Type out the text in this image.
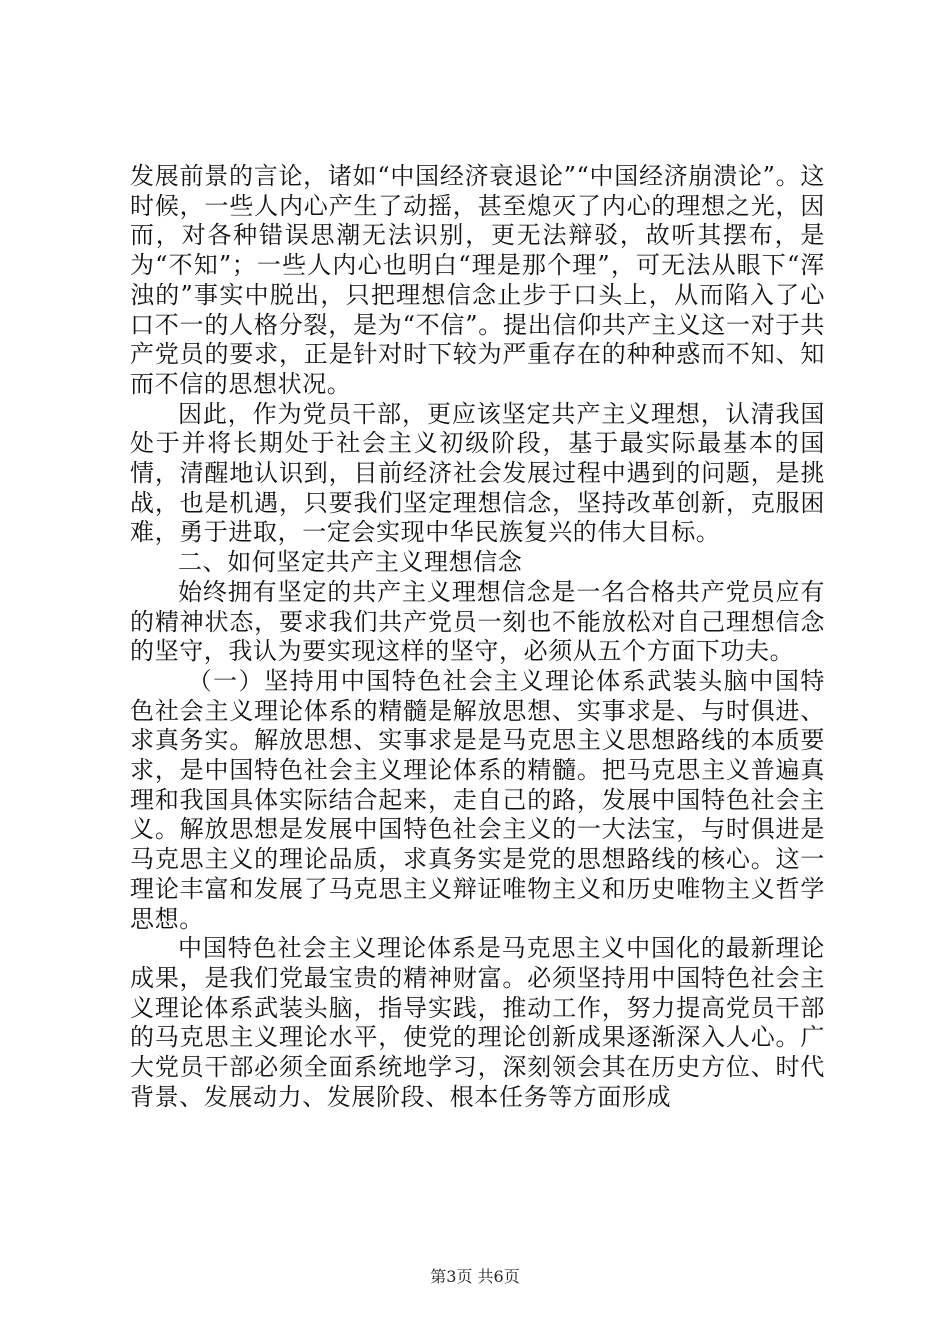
发展前景的言论，诸如“中国经济衰退论”“中国经济崩溃论”。这时候，一些人内心产生了动摇，甚至熄灭了内心的理想之光，因而，对各种错误思潮无法识别，更无法辩驳，故听其摆布，是为“不知”；一些人内心也明白“理是那个理”，可无法从眼下“浑浊的”事实中脱出，只把理想信念止步于口头上，从而陷入了心口不一的人格分裂，是为“不信”。提出信仰共产主义这一对于共产党员的要求，正是针对时下较为严重存在的种种惑而不知、知而不信的思想状况。

因此，作为党员干部，更应该坚定共产主义理想，认清我国处于并将长期处于社会主义初级阶段，基于最实际最基本的国情，清醒地认识到，目前经济社会发展过程中遇到的问题，是挑战，也是机遇，只要我们坚定理想信念，坚持改革创新，克服困难，勇于进取，一定会实现中华民族复兴的伟大目标。

二、如何坚定共产主义理想信念

始终拥有坚定的共产主义理想信念是一名合格共产党员应有的精神状态，要求我们共产党员一刻也不能放松对自己理想信念的坚守，我认为要实现这样的坚守，必须从五个方面下功夫。

（一）坚持用中国特色社会主义理论体系武装头脑中国特色社会主义理论体系的精髓是解放思想、实事求是、与时俱进、求真务实。解放思想、实事求是是马克思主义思想路线的本质要求，是中国特色社会主义理论体系的精髓。把马克思主义普遍真理和我国具体实际结合起来，走自己的路，发展中国特色社会主义。解放思想是发展中国特色社会主义的一大法宝，与时俱进是马克思主义的理论品质，求真务实是党的思想路线的核心。这一理论丰富和发展了马克思主义辩证唯物主义和历史唯物主义哲学思想。

中国特色社会主义理论体系是马克思主义中国化的最新理论成果，是我们党最宝贵的精神财富。必须坚持用中国特色社会主义理论体系武装头脑，指导实践，推动工作，努力提高党员干部的马克思主义理论水平，使党的理论创新成果逐渐深入人心。广大党员干部必须全面系统地学习，深刻领会其在历史方位、时代背景、发展动力、发展阶段、根本任务等方面形成

第3页 共6页
